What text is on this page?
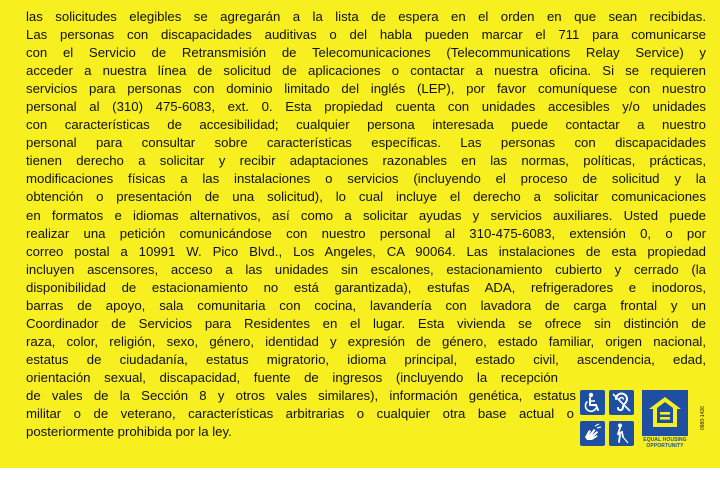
las solicitudes elegibles se agregarán a la lista de espera en el orden en que sean recibidas.
Las personas con discapacidades auditivas o del habla pueden marcar el 711 para comunicarse
con el Servicio de Retransmisión de Telecomunicaciones (Telecommunications Relay Service) y
acceder a nuestra línea de solicitud de aplicaciones o contactar a nuestra oficina. Si se requieren
servicios para personas con dominio limitado del inglés (LEP), por favor comuníquese con nuestro
personal al (310) 475-6083, ext. 0. Esta propiedad cuenta con unidades accesibles y/o unidades
con características de accesibilidad; cualquier persona interesada puede contactar a nuestro
personal para consultar sobre características específicas. Las personas con discapacidades
tienen derecho a solicitar y recibir adaptaciones razonables en las normas, políticas, prácticas,
modificaciones físicas a las instalaciones o servicios (incluyendo el proceso de solicitud y la
obtención o presentación de una solicitud), lo cual incluye el derecho a solicitar comunicaciones
en formatos e idiomas alternativos, así como a solicitar ayudas y servicios auxiliares. Usted puede
realizar una petición comunicándose con nuestro personal al 310-475-6083, extensión 0, o por
correo postal a 10991 W. Pico Blvd., Los Angeles, CA 90064. Las instalaciones de esta propiedad
incluyen ascensores, acceso a las unidades sin escalones, estacionamiento cubierto y cerrado (la
disponibilidad de estacionamiento no está garantizada), estufas ADA, refrigeradores e inodoros,
barras de apoyo, sala comunitaria con cocina, lavandería con lavadora de carga frontal y un
Coordinador de Servicios para Residentes en el lugar. Esta vivienda se ofrece sin distinción de
raza, color, religión, sexo, género, identidad y expresión de género, estado familiar, origen nacional,
estatus de ciudadanía, estatus migratorio, idioma principal, estado civil, ascendencia, edad,
orientación sexual, discapacidad, fuente de ingresos (incluyendo la recepción
de vales de la Sección 8 y otros vales similares), información genética, estatus
militar o de veterano, características arbitrarias o cualquier otra base actual o
posteriormente prohibida por la ley.
EQUAL HOUSING
OPPORTUNITY
0980-1426
